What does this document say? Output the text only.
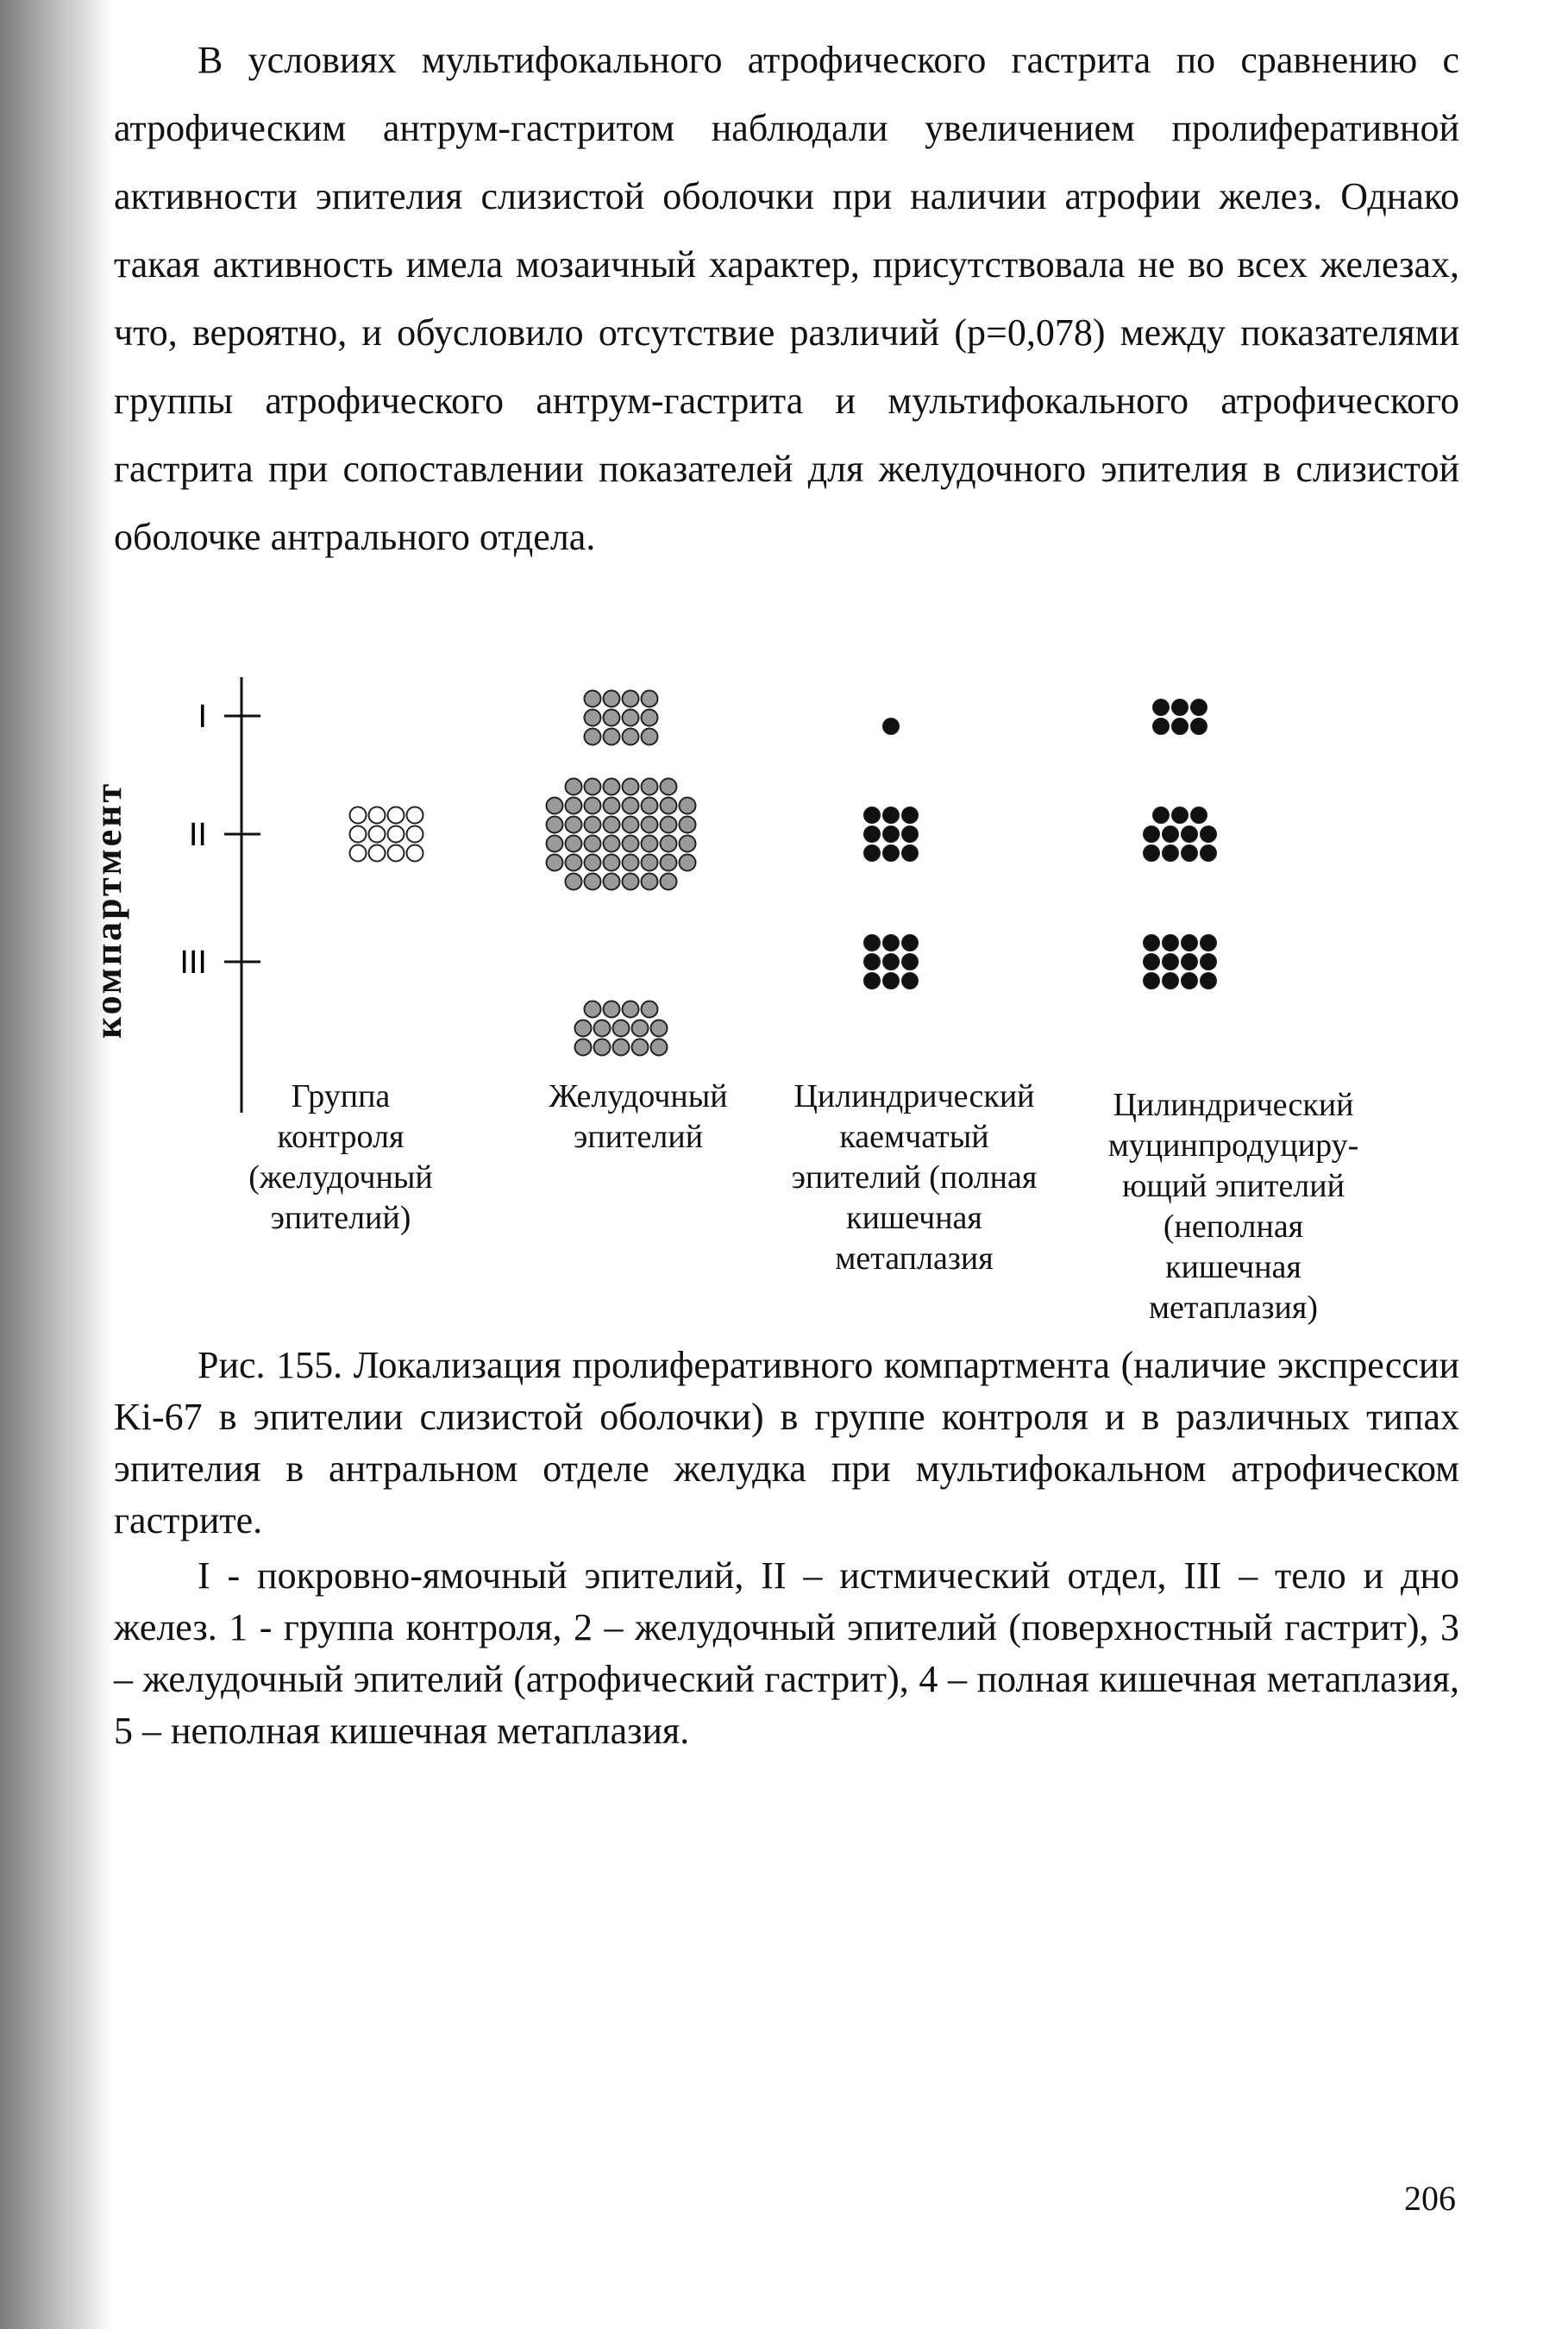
В условиях мультифокального атрофического гастрита по сравнению с атрофическим антрум-гастритом наблюдали увеличением пролиферативной активности эпителия слизистой оболочки при наличии атрофии желез. Однако такая активность имела мозаичный характер, присутствовала не во всех железах, что, вероятно, и обусловило отсутствие различий (p=0,078) между показателями группы атрофического антрум-гастрита и мультифокального атрофического гастрита при сопоставлении показателей для желудочного эпителия в слизистой оболочке антрального отдела.

I
II
III
компартмент
Группа
контроля
(желудочный
эпителий)
Желудочный
эпителий
Цилиндрический
каемчатый
эпителий (полная
кишечная
метаплазия
Цилиндрический
муцинпродуциру-
ющий эпителий
(неполная
кишечная
метаплазия)

Рис. 155. Локализация пролиферативного компартмента (наличие экспрессии Ki-67 в эпителии слизистой оболочки) в группе контроля и в различных типах эпителия в антральном отделе желудка при мультифокальном атрофическом гастрите.

I - покровно-ямочный эпителий, II – истмический отдел, III – тело и дно желез. 1 - группа контроля, 2 – желудочный эпителий (поверхностный гастрит), 3 – желудочный эпителий (атрофический гастрит), 4 – полная кишечная метаплазия, 5 – неполная кишечная метаплазия.

206
